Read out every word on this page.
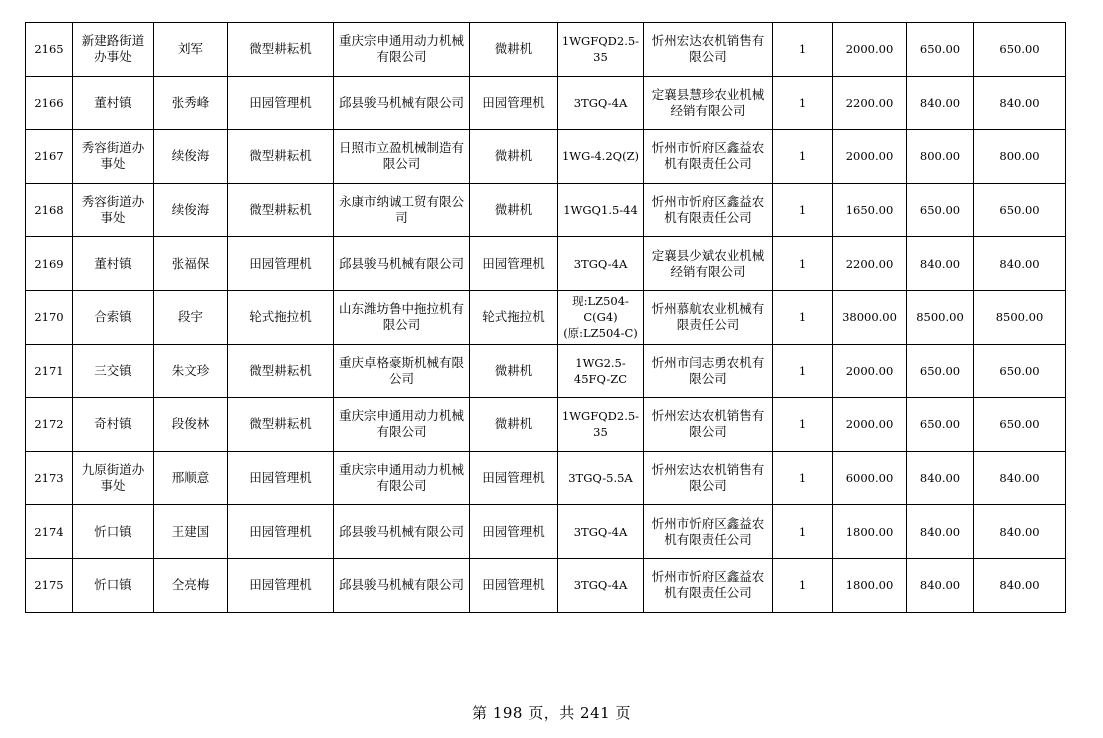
2165	新建路街道办事处	刘军	微型耕耘机	重庆宗申通用动力机械有限公司	微耕机	1WGFQD2.5-35	忻州宏达农机销售有限公司	1	2000.00	650.00	650.00
2166	董村镇	张秀峰	田园管理机	邱县骏马机械有限公司	田园管理机	3TGQ-4A	定襄县慧珍农业机械经销有限公司	1	2200.00	840.00	840.00
2167	秀容街道办事处	续俊海	微型耕耘机	日照市立盈机械制造有限公司	微耕机	1WG-4.2Q(Z)	忻州市忻府区鑫益农机有限责任公司	1	2000.00	800.00	800.00
2168	秀容街道办事处	续俊海	微型耕耘机	永康市纳诚工贸有限公司	微耕机	1WGQ1.5-44	忻州市忻府区鑫益农机有限责任公司	1	1650.00	650.00	650.00
2169	董村镇	张福保	田园管理机	邱县骏马机械有限公司	田园管理机	3TGQ-4A	定襄县少斌农业机械经销有限公司	1	2200.00	840.00	840.00
2170	合索镇	段宇	轮式拖拉机	山东潍坊鲁中拖拉机有限公司	轮式拖拉机	现:LZ504-C(G4)(原:LZ504-C)	忻州慕航农业机械有限责任公司	1	38000.00	8500.00	8500.00
2171	三交镇	朱文珍	微型耕耘机	重庆卓格豪斯机械有限公司	微耕机	1WG2.5-45FQ-ZC	忻州市闫志勇农机有限公司	1	2000.00	650.00	650.00
2172	奇村镇	段俊林	微型耕耘机	重庆宗申通用动力机械有限公司	微耕机	1WGFQD2.5-35	忻州宏达农机销售有限公司	1	2000.00	650.00	650.00
2173	九原街道办事处	邢顺意	田园管理机	重庆宗申通用动力机械有限公司	田园管理机	3TGQ-5.5A	忻州宏达农机销售有限公司	1	6000.00	840.00	840.00
2174	忻口镇	王建国	田园管理机	邱县骏马机械有限公司	田园管理机	3TGQ-4A	忻州市忻府区鑫益农机有限责任公司	1	1800.00	840.00	840.00
2175	忻口镇	仝亮梅	田园管理机	邱县骏马机械有限公司	田园管理机	3TGQ-4A	忻州市忻府区鑫益农机有限责任公司	1	1800.00	840.00	840.00
第 198 页，共 241 页
